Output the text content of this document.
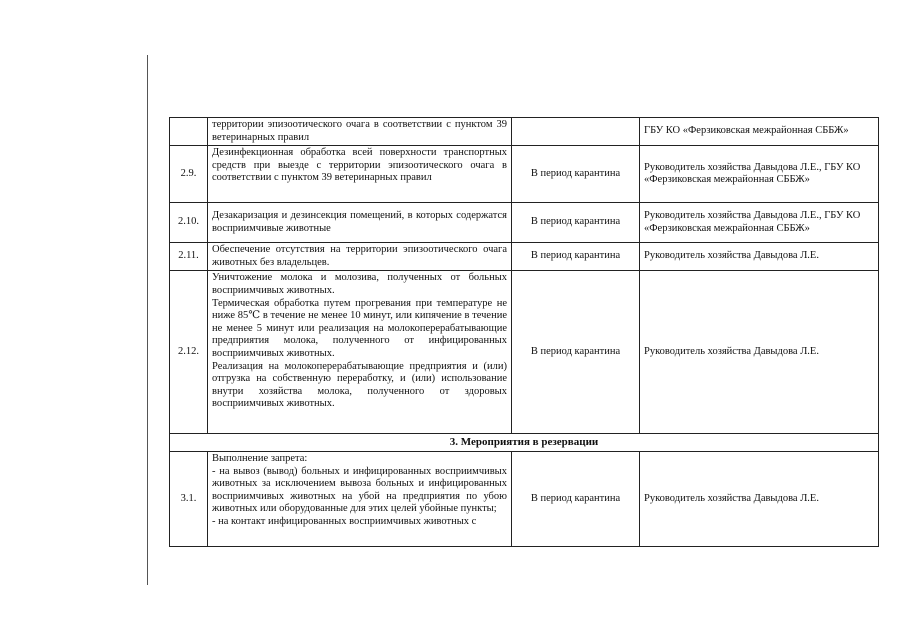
	территории эпизоотического очага в соответствии с пунктом 39 ветеринарных правил		ГБУ КО «Ферзиковская межрайонная СББЖ»
2.9.	Дезинфекционная обработка всей поверхности транспортных средств при выезде с территории эпизоотического очага в соответствии с пунктом 39 ветеринарных правил	В период карантина	Руководитель хозяйства Давыдова Л.Е., ГБУ КО «Ферзиковская межрайонная СББЖ»
2.10.	Дезакаризация и дезинсекция помещений, в которых содержатся восприимчивые животные	В период карантина	Руководитель хозяйства Давыдова Л.Е., ГБУ КО «Ферзиковская межрайонная СББЖ»
2.11.	Обеспечение отсутствия на территории эпизоотического очага животных без владельцев.	В период карантина	Руководитель хозяйства Давыдова Л.Е.
2.12.	Уничтожение молока и молозива, полученных от больных восприимчивых животных.
Термическая обработка путем прогревания при температуре не ниже 85℃ в течение не менее 10 минут, или кипячение в течение не менее 5 минут или реализация на молокоперерабатывающие предприятия молока, полученного от инфицированных восприимчивых животных.
Реализация на молокоперерабатывающие предприятия и (или) отгрузка на собственную переработку, и (или) использование внутри хозяйства молока, полученного от здоровых восприимчивых животных.	В период карантина	Руководитель хозяйства Давыдова Л.Е.
3. Мероприятия в резервации			
3.1.	Выполнение запрета:
- на вывоз (вывод) больных и инфицированных восприимчивых животных за исключением вывоза больных и инфицированных восприимчивых животных на убой на предприятия по убою животных или оборудованные для этих целей убойные пункты;
- на контакт инфицированных восприимчивых животных с	В период карантина	Руководитель хозяйства Давыдова Л.Е.
